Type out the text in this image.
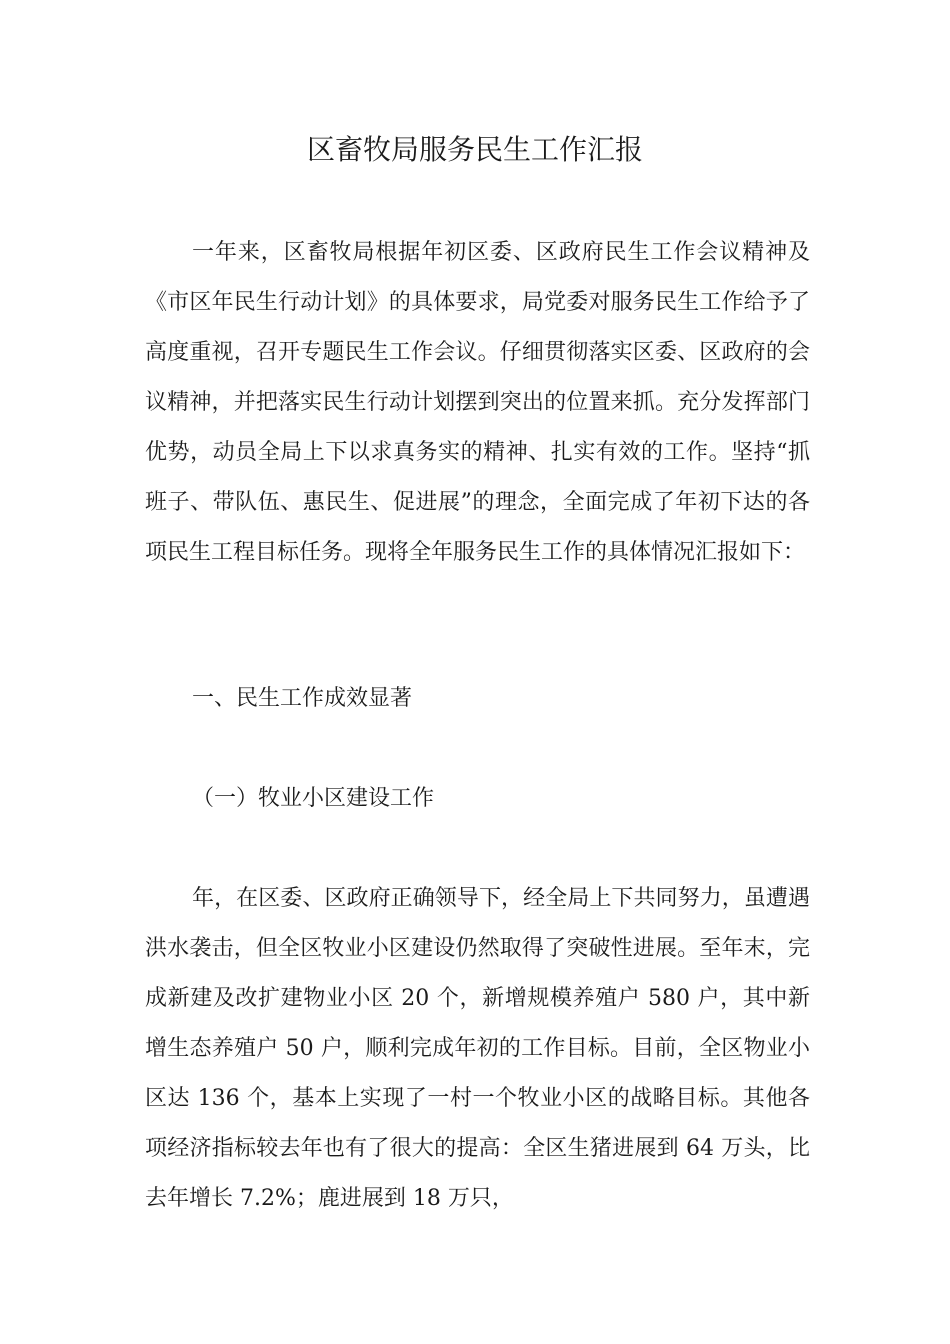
区畜牧局服务民生工作汇报

一年来，区畜牧局根据年初区委、区政府民生工作会议精神及《市区年民生行动计划》的具体要求，局党委对服务民生工作给予了高度重视，召开专题民生工作会议。仔细贯彻落实区委、区政府的会议精神，并把落实民生行动计划摆到突出的位置来抓。充分发挥部门优势，动员全局上下以求真务实的精神、扎实有效的工作。坚持“抓班子、带队伍、惠民生、促进展”的理念，全面完成了年初下达的各项民生工程目标任务。现将全年服务民生工作的具体情况汇报如下：

一、民生工作成效显著

（一）牧业小区建设工作

年，在区委、区政府正确领导下，经全局上下共同努力，虽遭遇洪水袭击，但全区牧业小区建设仍然取得了突破性进展。至年末，完成新建及改扩建物业小区 20 个，新增规模养殖户 580 户，其中新增生态养殖户 50 户，顺利完成年初的工作目标。目前，全区物业小区达 136 个，基本上实现了一村一个牧业小区的战略目标。其他各项经济指标较去年也有了很大的提高：全区生猪进展到 64 万头，比去年增长 7.2%；鹿进展到 18 万只，
